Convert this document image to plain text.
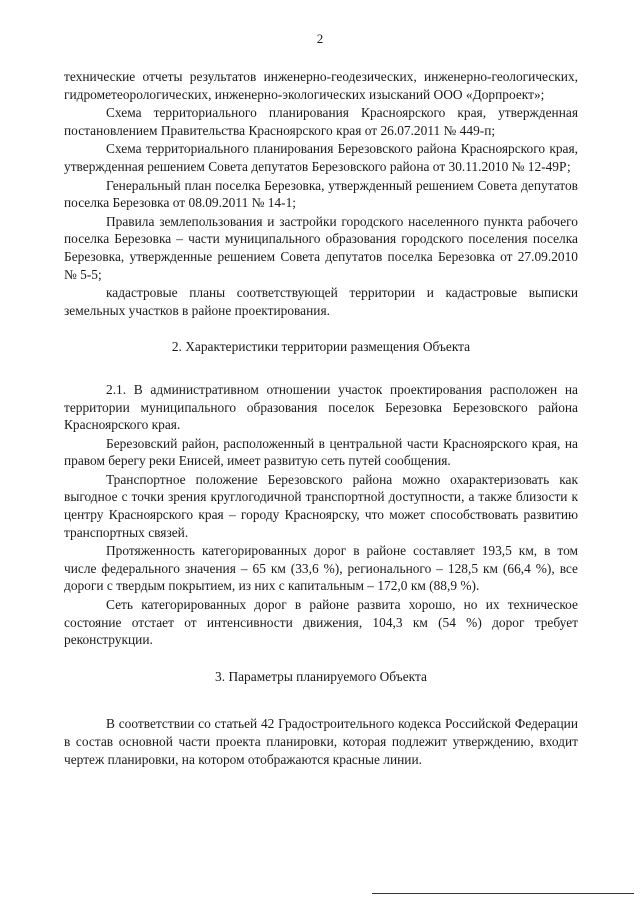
2

технические отчеты результатов инженерно-геодезических, инженерно-геологических, гидрометеорологических, инженерно-экологических изысканий ООО «Дорпроект»;

Схема территориального планирования Красноярского края, утвержденная постановлением Правительства Красноярского края от 26.07.2011 № 449-п;

Схема территориального планирования Березовского района Красноярского края, утвержденная решением Совета депутатов Березовского района от 30.11.2010 № 12-49Р;

Генеральный план поселка Березовка, утвержденный решением Совета депутатов поселка Березовка от 08.09.2011 № 14-1;

Правила землепользования и застройки городского населенного пункта рабочего поселка Березовка – части муниципального образования городского поселения поселка Березовка, утвержденные решением Совета депутатов поселка Березовка от 27.09.2010 № 5-5;

кадастровые планы соответствующей территории и кадастровые выписки земельных участков в районе проектирования.

2. Характеристики территории размещения Объекта

2.1. В административном отношении участок проектирования расположен на территории муниципального образования поселок Березовка Березовского района Красноярского края.

Березовский район, расположенный в центральной части Красноярского края, на правом берегу реки Енисей, имеет развитую сеть путей сообщения.

Транспортное положение Березовского района можно охарактеризовать как выгодное с точки зрения круглогодичной транспортной доступности, а также близости к центру Красноярского края – городу Красноярску, что может способствовать развитию транспортных связей.

Протяженность категорированных дорог в районе составляет 193,5 км, в том числе федерального значения – 65 км (33,6 %), регионального – 128,5 км (66,4 %), все дороги с твердым покрытием, из них с капитальным – 172,0 км (88,9 %).

Сеть категорированных дорог в районе развита хорошо, но их техническое состояние отстает от интенсивности движения, 104,3 км (54 %) дорог требует реконструкции.

3. Параметры планируемого Объекта

В соответствии со статьей 42 Градостроительного кодекса Российской Федерации в состав основной части проекта планировки, которая подлежит утверждению, входит чертеж планировки, на котором отображаются красные линии.
